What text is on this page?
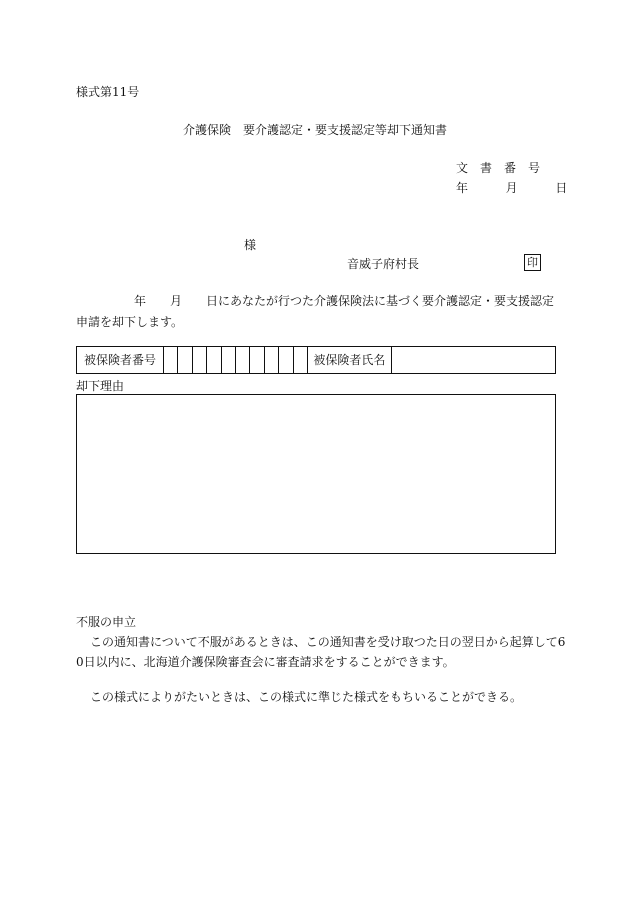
様式第11号
介護保険　要介護認定・要支援認定等却下通知書
文書番号
年	月	日
様
音威子府村長	印
年 月 日にあなたが行つた介護保険法に基づく要介護認定・要支援認定
申請を却下します。
被保険者番号	被保険者氏名
却下理由
不服の申立
この通知書について不服があるときは、この通知書を受け取つた日の翌日から起算して6
0日以内に、北海道介護保険審査会に審査請求をすることができます。
この様式によりがたいときは、この様式に準じた様式をもちいることができる。
